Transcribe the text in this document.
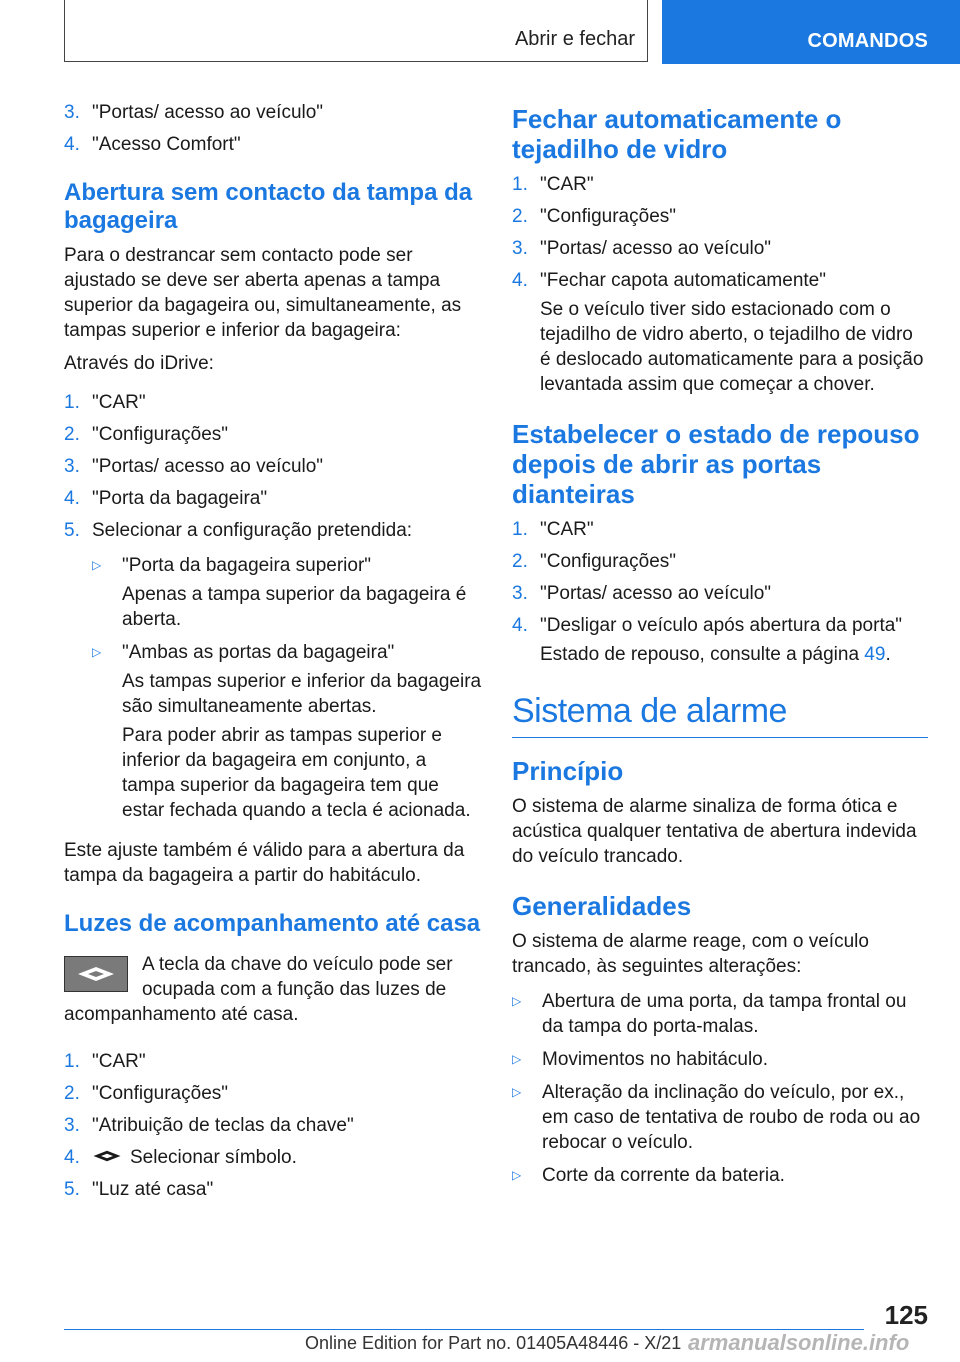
Abrir e fechar	COMANDOS
3. "Portas/ acesso ao veículo"
4. "Acesso Comfort"
Abertura sem contacto da tampa da bagageira

Para o destrancar sem contacto pode ser ajustado se deve ser aberta apenas a tampa superior da bagageira ou, simultaneamente, as tampas superior e inferior da bagageira:

Através do iDrive:

1. "CAR"
2. "Configurações"
3. "Portas/ acesso ao veículo"
4. "Porta da bagageira"
5. Selecionar a configuração pretendida:
▷	"Porta da bagageira superior"
Apenas a tampa superior da bagageira é aberta.
▷	"Ambas as portas da bagageira"
As tampas superior e inferior da bagageira são simultaneamente abertas.
Para poder abrir as tampas superior e inferior da bagageira em conjunto, a tampa superior da bagageira tem que estar fechada quando a tecla é acionada.

Este ajuste também é válido para a abertura da tampa da bagageira a partir do habitáculo.

Luzes de acompanhamento até casa

A tecla da chave do veículo pode ser ocupada com a função das luzes de acompanhamento até casa.

1. "CAR"
2. "Configurações"
3. "Atribuição de teclas da chave"
4.	Selecionar símbolo.
5. "Luz até casa"
Fechar automaticamente o tejadilho de vidro
1. "CAR"
2. "Configurações"
3. "Portas/ acesso ao veículo"
4. "Fechar capota automaticamente"
Se o veículo tiver sido estacionado com o tejadilho de vidro aberto, o tejadilho de vidro é deslocado automaticamente para a posição levantada assim que começar a chover.
Estabelecer o estado de repouso depois de abrir as portas dianteiras
1. "CAR"
2. "Configurações"
3. "Portas/ acesso ao veículo"
4. "Desligar o veículo após abertura da porta"
Estado de repouso, consulte a página 49.
Sistema de alarme
Princípio

O sistema de alarme sinaliza de forma ótica e acústica qualquer tentativa de abertura indevida do veículo trancado.

Generalidades

O sistema de alarme reage, com o veículo trancado, às seguintes alterações:

▷	Abertura de uma porta, da tampa frontal ou da tampa do porta-malas.
▷	Movimentos no habitáculo.
▷	Alteração da inclinação do veículo, por ex., em caso de tentativa de roubo de roda ou ao rebocar o veículo.
▷	Corte da corrente da bateria.
125
Online Edition for Part no. 01405A48446 - X/21 armanualsonline.info
